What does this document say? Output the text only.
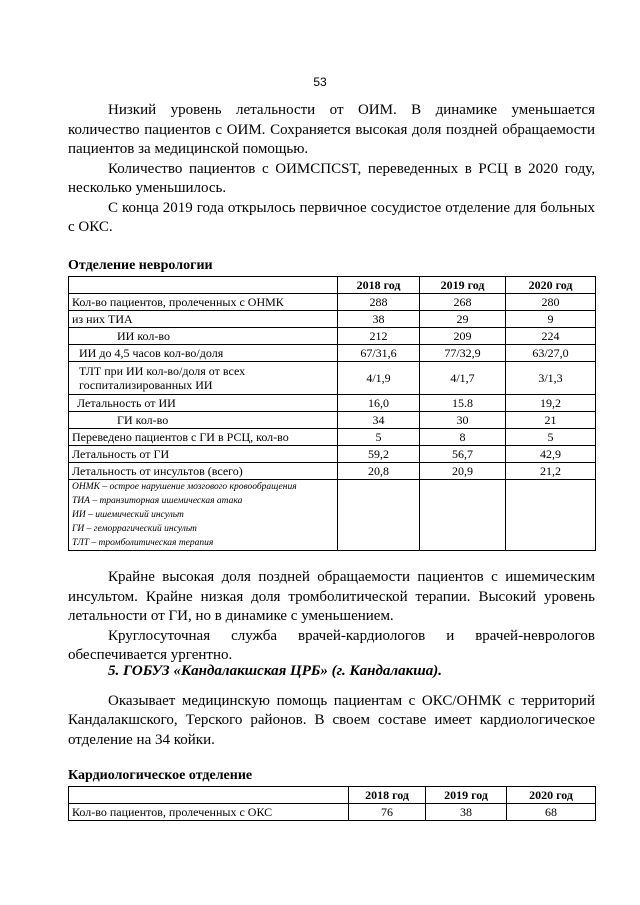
53

Низкий уровень летальности от ОИМ. В динамике уменьшается количество пациентов с ОИМ. Сохраняется высокая доля поздней обращаемости пациентов за медицинской помощью.

Количество пациентов с ОИМСПСST, переведенных в РСЦ в 2020 году, несколько уменьшилось.

С конца 2019 года открылось первичное сосудистое отделение для больных с ОКС.

Отделение неврологии
	2018 год	2019 год	2020 год
Кол-во пациентов, пролеченных с ОНМК	288	268	280
из них ТИА	38	29	9
ИИ кол-во	212	209	224
ИИ до 4,5 часов кол-во/доля	67/31,6	77/32,9	63/27,0
ТЛТ при ИИ кол-во/доля от всех госпитализированных ИИ	4/1,9	4/1,7	3/1,3
Летальность от ИИ	16,0	15.8	19,2
ГИ кол-во	34	30	21
Переведено пациентов с ГИ в РСЦ, кол-во	5	8	5
Летальность от ГИ	59,2	56,7	42,9
Летальность от инсультов (всего)	20,8	20,9	21,2

ОНМК – острое нарушение мозгового кровообращения
ТИА – транзиторная ишемическая атака
ИИ – ишемический инсульт
ГИ – геморрагический инсульт
ТЛТ – тромболитическая терапия			

Крайне высокая доля поздней обращаемости пациентов с ишемическим инсультом. Крайне низкая доля тромболитической терапии. Высокий уровень летальности от ГИ, но в динамике с уменьшением.

Круглосуточная служба врачей-кардиологов и врачей-неврологов обеспечивается ургентно.

5. ГОБУЗ «Кандалакшская ЦРБ» (г. Кандалакша).

Оказывает медицинскую помощь пациентам с ОКС/ОНМК с территорий Кандалакшского, Терского районов. В своем составе имеет кардиологическое отделение на 34 койки.

Кардиологическое отделение
	2018 год	2019 год	2020 год
Кол-во пациентов, пролеченных с ОКС	76	38	68
